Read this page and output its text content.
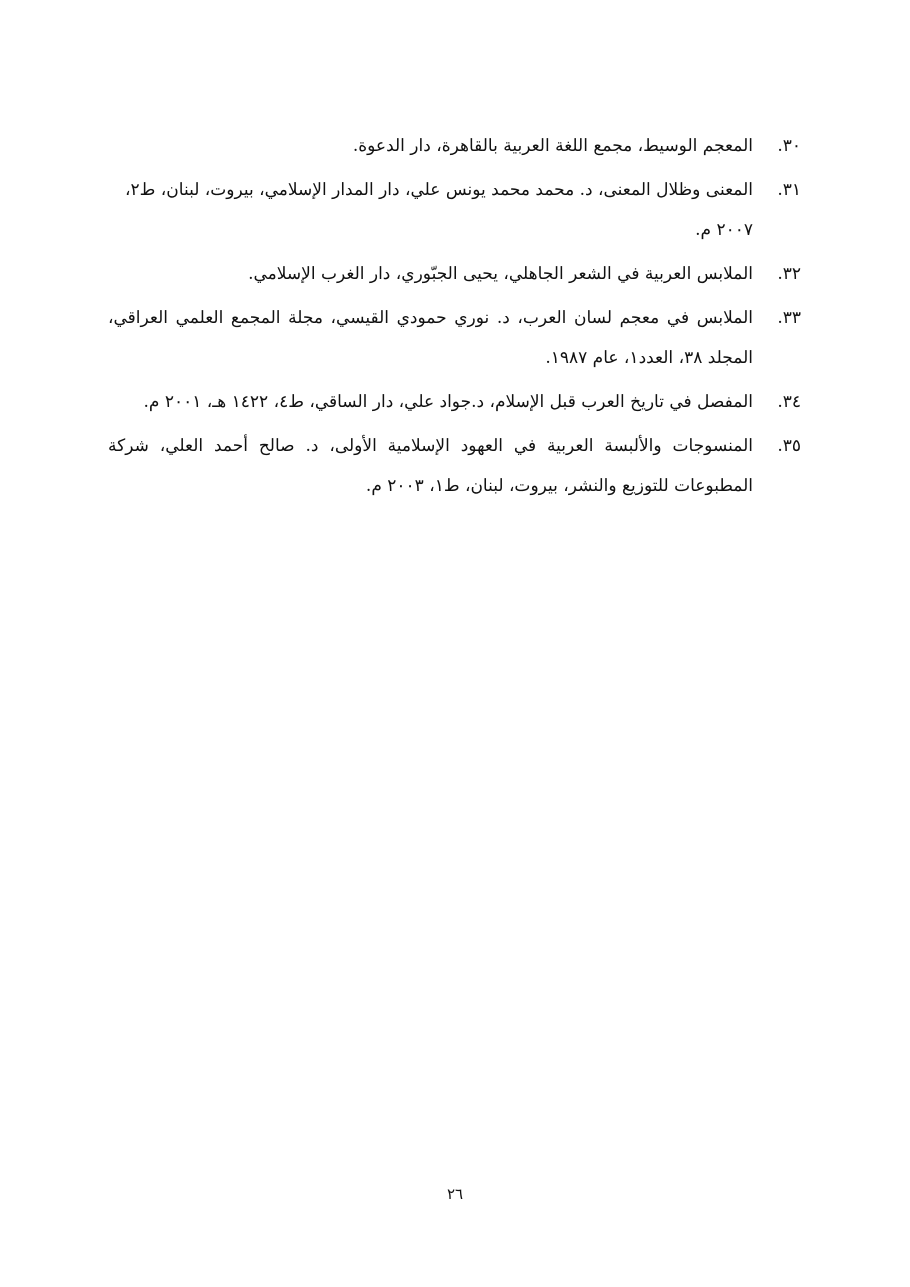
٣٠.
المعجم الوسيط، مجمع اللغة العربية بالقاهرة، دار الدعوة.
٣١.
المعنى وظلال المعنى، د. محمد محمد يونس علي، دار المدار الإسلامي، بيروت، لبنان، ط٢،
٢٠٠٧ م.
٣٢.
الملابس العربية في الشعر الجاهلي، يحيى الجبّوري، دار الغرب الإسلامي.
٣٣.
الملابس في معجم لسان العرب، د. نوري حمودي القيسي، مجلة المجمع العلمي العراقي، المجلد ٣٨، العدد١، عام ١٩٨٧.
٣٤.
المفصل في تاريخ العرب قبل الإسلام، د.جواد علي، دار الساقي، ط٤، ١٤٢٢ هـ، ٢٠٠١ م.
٣٥.
المنسوجات والألبسة العربية في العهود الإسلامية الأولى، د. صالح أحمد العلي، شركة المطبوعات للتوزيع والنشر، بيروت، لبنان، ط١، ٢٠٠٣ م.
٢٦
